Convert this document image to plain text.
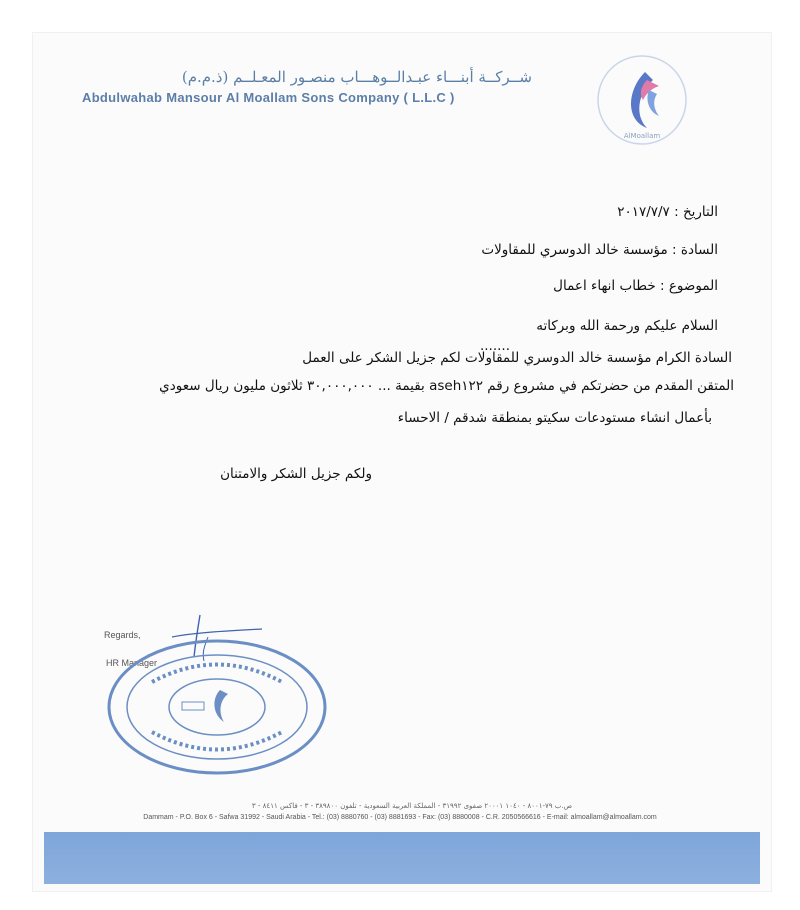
شــركــة أبنـــاء عبـدالــوهـــاب منصـور المعـلــم (ذ.م.م)
Abdulwahab Mansour Al Moallam Sons Company ( L.L.C )
AlMoallam
التاريخ : ٢٠١٧/٧/٧
السادة : مؤسسة خالد الدوسري للمقاولات
الموضوع : خطاب انهاء اعمال
السلام عليكم ورحمة الله وبركاته
.......
السادة الكرام مؤسسة خالد الدوسري للمقاولات لكم جزيل الشكر على العمل
المتقن المقدم من حضرتكم في مشروع رقم aseh١٢٢ بقيمة ... ٣٠,٠٠٠,٠٠٠ ثلاثون مليون ريال سعودي
بأعمال انشاء مستودعات سكيتو بمنطقة شدقم / الاحساء
ولكم جزيل الشكر والامتنان
Regards,
HR Manager
ص.ب ٧٩-٨٠٠١ - ١٠٤٠ ٢٠٠٠١ صفوى ٣١٩٩٢ - المملكة العربية السعودية - تلفون ٣٨٩٨٠٠ - ٣ - فاكس ٨٤١١ - ٣
Dammam - P.O. Box 6 - Safwa 31992 - Saudi Arabia - Tel.: (03) 8880760 - (03) 8881693 - Fax: (03) 8880008 - C.R. 2050566616 - E-mail: almoallam@almoallam.com
